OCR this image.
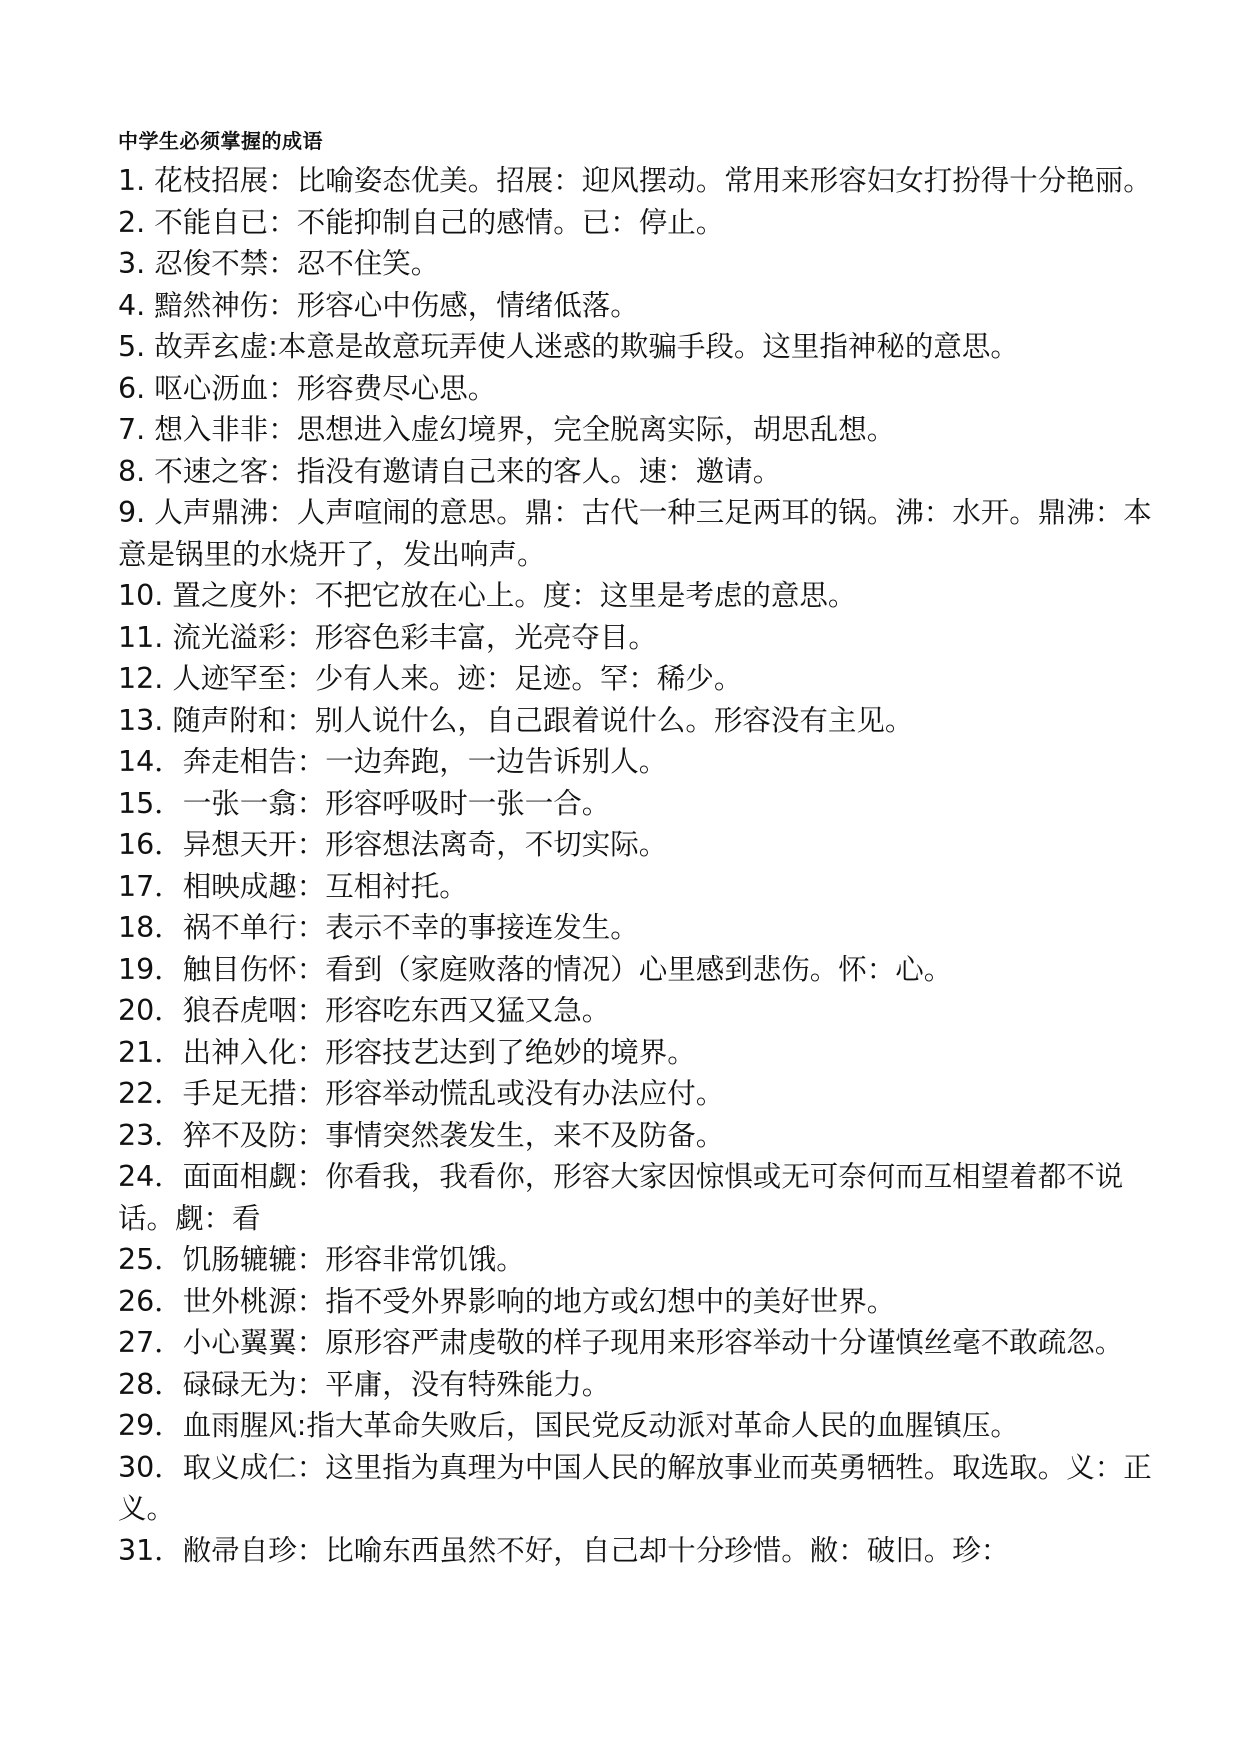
中学生必须掌握的成语
1. 花枝招展：比喻姿态优美。招展：迎风摆动。常用来形容妇女打扮得十分艳丽。
2. 不能自已：不能抑制自己的感情。已：停止。
3. 忍俊不禁：忍不住笑。
4. 黯然神伤：形容心中伤感，情绪低落。
5. 故弄玄虚:本意是故意玩弄使人迷惑的欺骗手段。这里指神秘的意思。
6. 呕心沥血：形容费尽心思。
7. 想入非非：思想进入虚幻境界，完全脱离实际，胡思乱想。
8. 不速之客：指没有邀请自己来的客人。速：邀请。
9. 人声鼎沸：人声喧闹的意思。鼎：古代一种三足两耳的锅。沸：水开。鼎沸：本意是锅里的水烧开了，发出响声。
10. 置之度外：不把它放在心上。度：这里是考虑的意思。
11. 流光溢彩：形容色彩丰富，光亮夺目。
12. 人迹罕至：少有人来。迹：足迹。罕：稀少。
13. 随声附和：别人说什么，自己跟着说什么。形容没有主见。
14．奔走相告：一边奔跑，一边告诉别人。
15．一张一翕：形容呼吸时一张一合。
16．异想天开：形容想法离奇，不切实际。
17．相映成趣：互相衬托。
18．祸不单行：表示不幸的事接连发生。
19．触目伤怀：看到（家庭败落的情况）心里感到悲伤。怀：心。
20．狼吞虎咽：形容吃东西又猛又急。
21．出神入化：形容技艺达到了绝妙的境界。
22．手足无措：形容举动慌乱或没有办法应付。
23．猝不及防：事情突然袭发生，来不及防备。
24．面面相觑：你看我，我看你，形容大家因惊惧或无可奈何而互相望着都不说话。觑：看
25．饥肠辘辘：形容非常饥饿。
26．世外桃源：指不受外界影响的地方或幻想中的美好世界。
27．小心翼翼：原形容严肃虔敬的样子现用来形容举动十分谨慎丝毫不敢疏忽。
28．碌碌无为：平庸，没有特殊能力。
29．血雨腥风:指大革命失败后，国民党反动派对革命人民的血腥镇压。
30．取义成仁：这里指为真理为中国人民的解放事业而英勇牺牲。取选取。义：正义。
31．敝帚自珍：比喻东西虽然不好，自己却十分珍惜。敝：破旧。珍：
